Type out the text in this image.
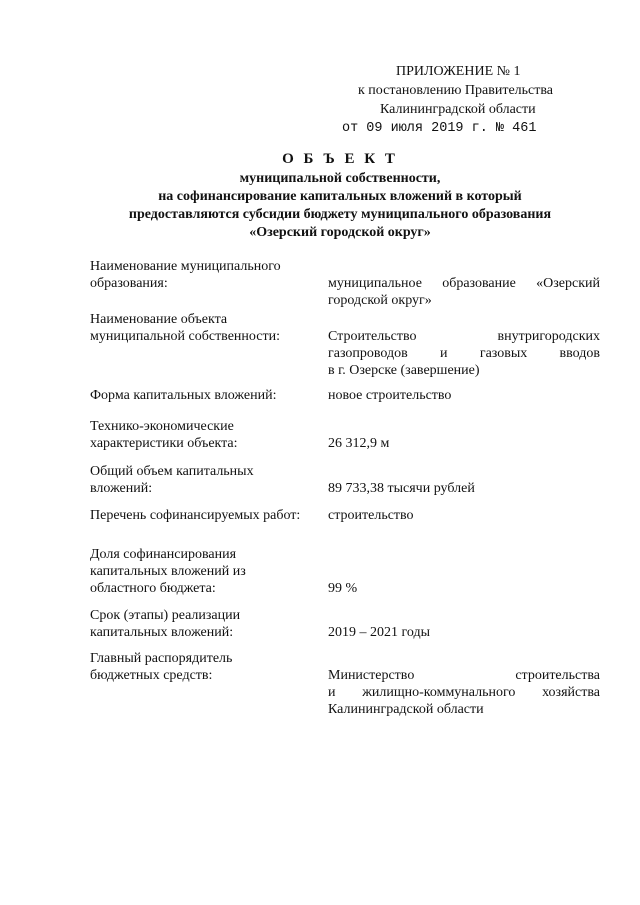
ПРИЛОЖЕНИЕ № 1
к постановлению Правительства
Калининградской области
от 09 июля 2019 г. № 461
О Б Ъ Е К Т
муниципальной собственности,
на софинансирование капитальных вложений в который
предоставляются субсидии бюджету муниципального образования
«Озерский городской округ»
Наименование муниципального
образования:	муниципальное образование «Озерский
городской округ»
Наименование объекта
муниципальной собственности:	Строительство внутригородских
газопроводов и газовых вводов
в г. Озерске (завершение)
Форма капитальных вложений:	новое строительство
Технико-экономические
характеристики объекта:	26 312,9 м
Общий объем капитальных
вложений:	89 733,38 тысячи рублей
Перечень софинансируемых работ:	строительство
Доля софинансирования
капитальных вложений из
областного бюджета:	99 %
Срок (этапы) реализации
капитальных вложений:	2019 – 2021 годы
Главный распорядитель
бюджетных средств:	Министерство строительства
и жилищно-коммунального хозяйства
Калининградской области
